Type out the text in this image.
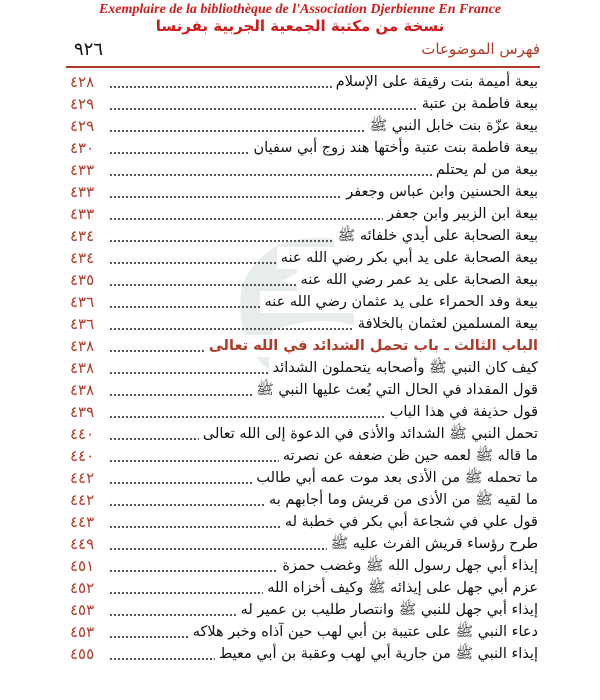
Exemplaire de la bibliothèque de l'Association Djerbienne En France
نسخة من مكتبة الجمعية الجربية بفرنسا
٩٢٦	فهرس الموضوعات
بيعة أميمة بنت رقيقة على الإسلام
٤٢٨
بيعة فاطمة بن عتبة
٤٢٩
بيعة عزّة بنت خابل النبي ﷺ
٤٢٩
بيعة فاطمة بنت عتبة وأختها هند زوج أبي سفيان
٤٣٠
بيعة من لم يحتلم
٤٣٣
بيعة الحسنين وابن عباس وجعفر
٤٣٣
بيعة ابن الزبير وابن جعفر
٤٣٣
بيعة الصحابة على أيدي خلفائه ﷺ
٤٣٤
بيعة الصحابة على يد أبي بكر رضي الله عنه
٤٣٤
بيعة الصحابة على يد عمر رضي الله عنه
٤٣٥
بيعة وفد الحمراء على يد عثمان رضي الله عنه
٤٣٦
بيعة المسلمين لعثمان بالخلافة
٤٣٦
الباب الثالث ـ باب تحمل الشدائد في الله تعالى
٤٣٨
كيف كان النبي ﷺ وأصحابه يتحملون الشدائد
٤٣٨
قول المقداد في الحال التي بُعث عليها النبي ﷺ
٤٣٨
قول حذيفة في هذا الباب
٤٣٩
تحمل النبي ﷺ الشدائد والأذى في الدعوة إلى الله تعالى
٤٤٠
ما قاله ﷺ لعمه حين ظن ضعفه عن نصرته
٤٤٠
ما تحمله ﷺ من الأذى بعد موت عمه أبي طالب
٤٤٢
ما لقيه ﷺ من الأذى من قريش وما أجابهم به
٤٤٢
قول علي في شجاعة أبي بكر في خطبة له
٤٤٣
طرح رؤساء قريش الفرث عليه ﷺ
٤٤٩
إيذاء أبي جهل رسول الله ﷺ وغضب حمزة
٤٥١
عزم أبي جهل على إيذائه ﷺ وكيف أخزاه الله
٤٥٢
إيذاء أبي جهل للنبي ﷺ وانتصار طليب بن عمير له
٤٥٣
دعاء النبي ﷺ على عتيبة بن أبي لهب حين آذاه وخبر هلاكه
٤٥٣
إيذاء النبي ﷺ من جارية أبي لهب وعقبة بن أبي معيط
٤٥٥
